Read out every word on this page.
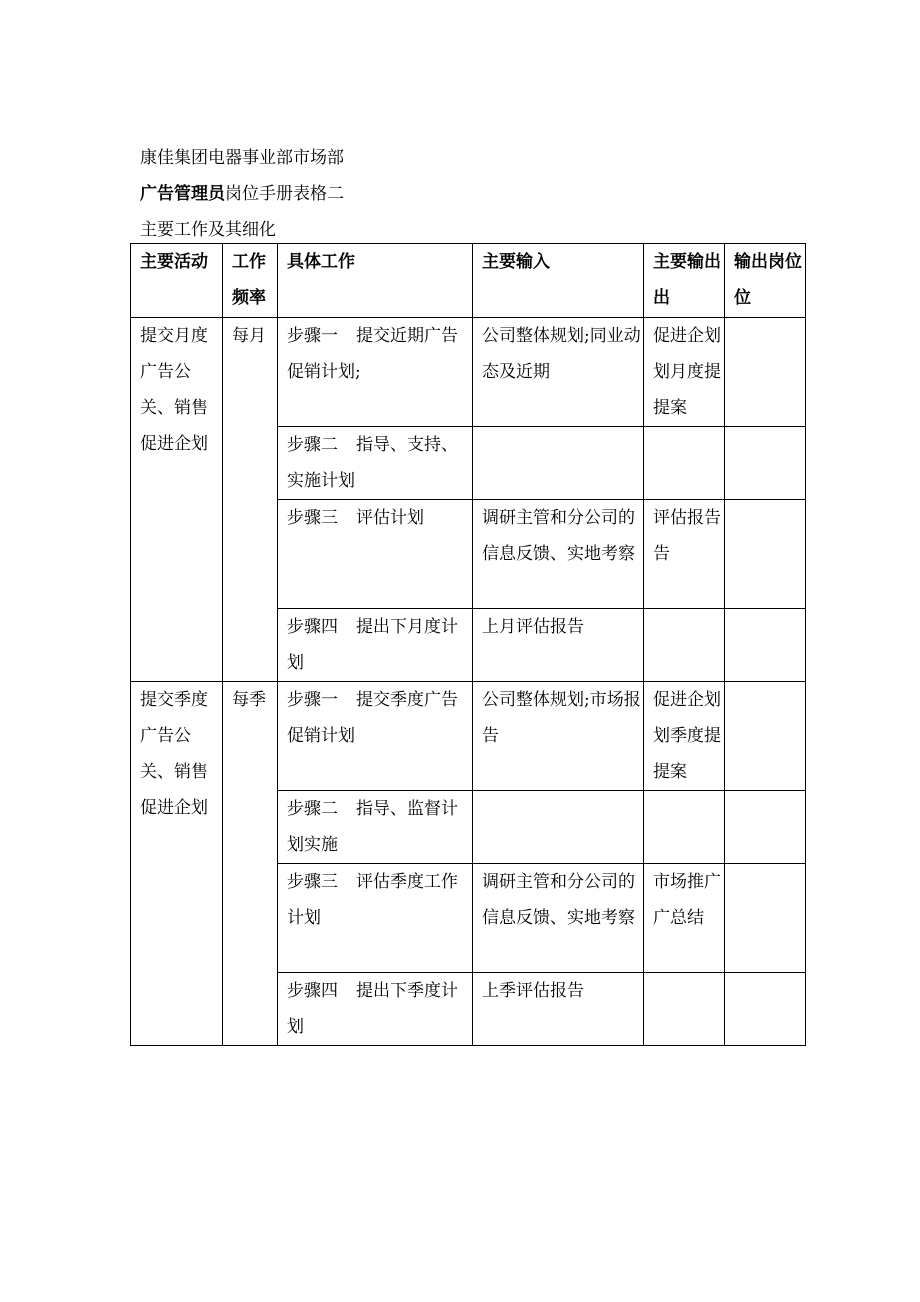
康佳集团电器事业部市场部
广告管理员岗位手册表格二
主要工作及其细化
主要活动	工作频率	具体工作	主要输入	主要输出出	输出岗位位
提交月度广告公关、销售促进企划	每月	步骤一 提交近期广告促销计划;	公司整体规划;同业动态及近期	促进企划划月度提提案	
		步骤二 指导、支持、实施计划			
		步骤三 评估计划	调研主管和分公司的信息反馈、实地考察	评估报告告	
		步骤四 提出下月度计划	上月评估报告		
提交季度广告公关、销售促进企划	每季	步骤一 提交季度广告促销计划	公司整体规划;市场报告	促进企划划季度提提案	
		步骤二 指导、监督计划实施			
		步骤三 评估季度工作计划	调研主管和分公司的信息反馈、实地考察	市场推广广总结	
		步骤四 提出下季度计划	上季评估报告		
